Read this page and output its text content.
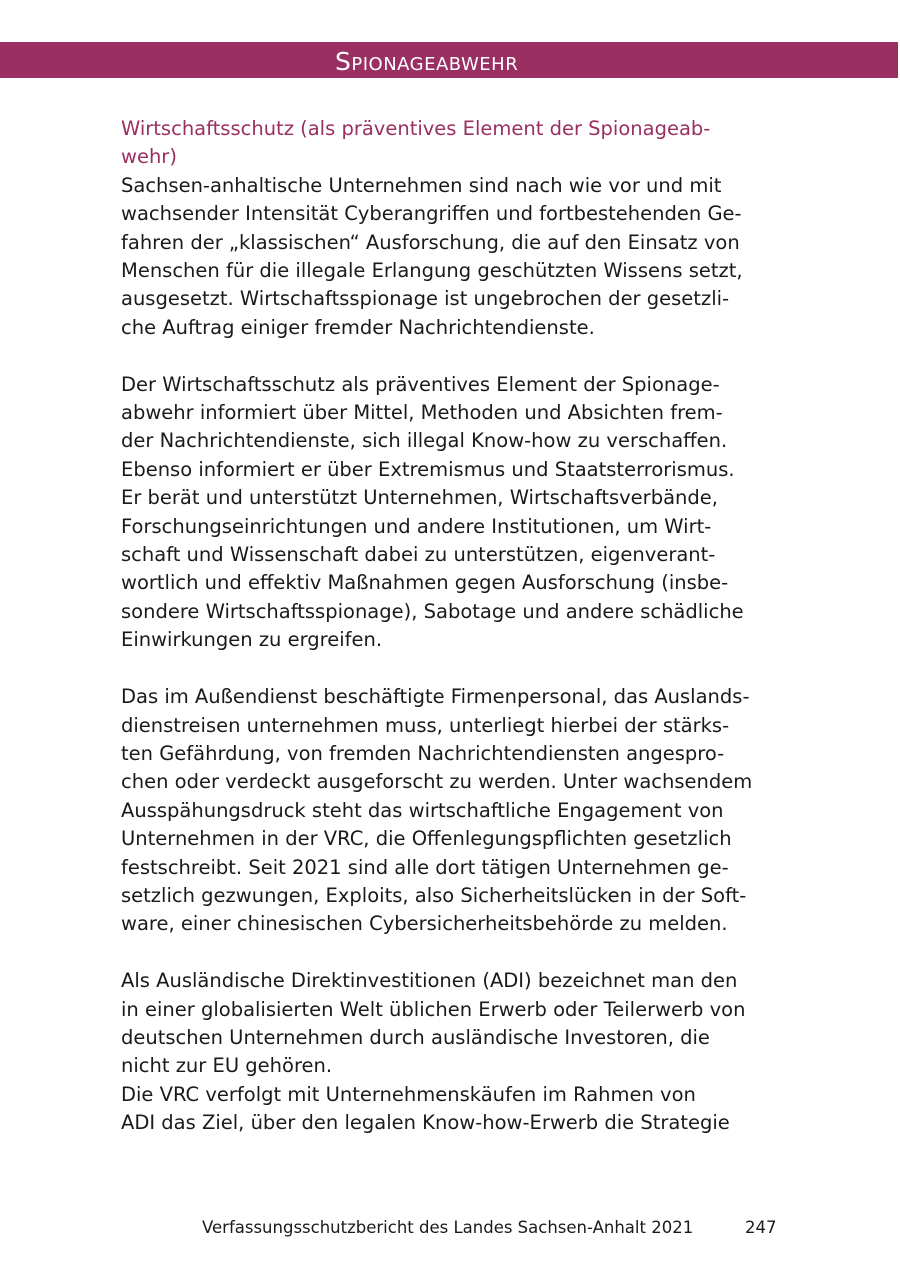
Spionageabwehr
Wirtschaftsschutz (als präventives Element der Spionageab-
wehr)

Sachsen-anhaltische Unternehmen sind nach wie vor und mit
wachsender Intensität Cyberangriffen und fortbestehenden Ge-
fahren der „klassischen“ Ausforschung, die auf den Einsatz von
Menschen für die illegale Erlangung geschützten Wissens setzt,
ausgesetzt. Wirtschaftsspionage ist ungebrochen der gesetzli-
che Auftrag einiger fremder Nachrichtendienste.

Der Wirtschaftsschutz als präventives Element der Spionage-
abwehr informiert über Mittel, Methoden und Absichten frem-
der Nachrichtendienste, sich illegal Know-how zu verschaffen.
Ebenso informiert er über Extremismus und Staatsterrorismus.
Er berät und unterstützt Unternehmen, Wirtschaftsverbände,
Forschungseinrichtungen und andere Institutionen, um Wirt-
schaft und Wissenschaft dabei zu unterstützen, eigenverant-
wortlich und effektiv Maßnahmen gegen Ausforschung (insbe-
sondere Wirtschaftsspionage), Sabotage und andere schädliche
Einwirkungen zu ergreifen.

Das im Außendienst beschäftigte Firmenpersonal, das Auslands-
dienstreisen unternehmen muss, unterliegt hierbei der stärks-
ten Gefährdung, von fremden Nachrichtendiensten angespro-
chen oder verdeckt ausgeforscht zu werden. Unter wachsendem
Ausspähungsdruck steht das wirtschaftliche Engagement von
Unternehmen in der VRC, die Offenlegungspflichten gesetzlich
festschreibt. Seit 2021 sind alle dort tätigen Unternehmen ge-
setzlich gezwungen, Exploits, also Sicherheitslücken in der Soft-
ware, einer chinesischen Cybersicherheitsbehörde zu melden.

Als Ausländische Direktinvestitionen (ADI) bezeichnet man den
in einer globalisierten Welt üblichen Erwerb oder Teilerwerb von
deutschen Unternehmen durch ausländische Investoren, die
nicht zur EU gehören.
Die VRC verfolgt mit Unternehmenskäufen im Rahmen von
ADI das Ziel, über den legalen Know-how-Erwerb die Strategie

Verfassungsschutzbericht des Landes Sachsen-Anhalt 2021	247
